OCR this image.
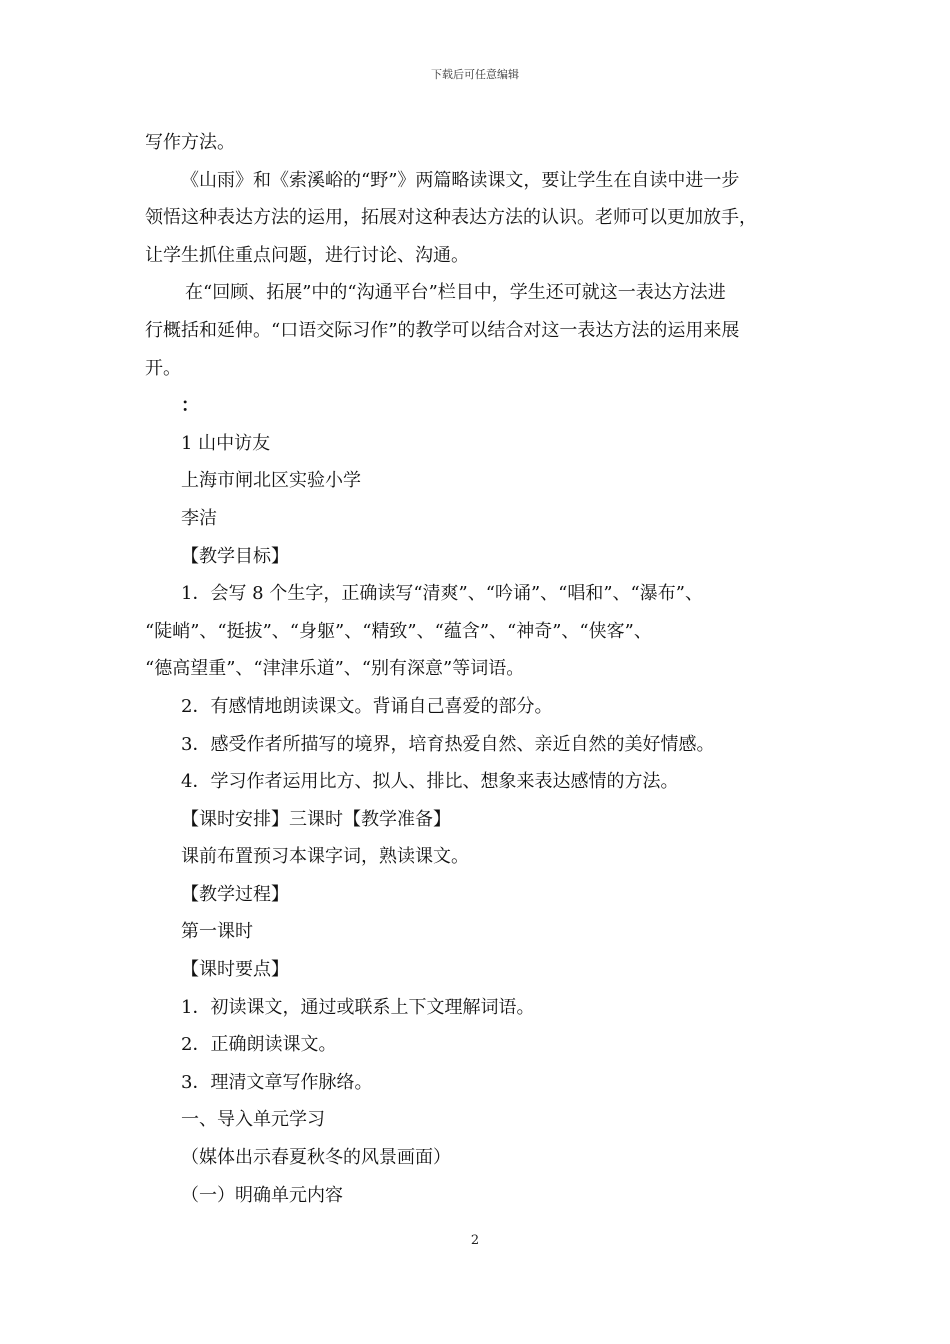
下载后可任意编辑
写作方法。
《山雨》和《索溪峪的“野”》两篇略读课文，要让学生在自读中进一步
领悟这种表达方法的运用，拓展对这种表达方法的认识。老师可以更加放手，
让学生抓住重点问题，进行讨论、沟通。
在“回顾、拓展”中的“沟通平台”栏目中，学生还可就这一表达方法进
行概括和延伸。“口语交际习作”的教学可以结合对这一表达方法的运用来展
开。
：
1 山中访友
上海市闸北区实验小学
李洁
【教学目标】
1．会写 8 个生字，正确读写“清爽”、“吟诵”、“唱和”、“瀑布”、
“陡峭”、“挺拔”、“身躯”、“精致”、“蕴含”、“神奇”、“侠客”、
“德高望重”、“津津乐道”、“别有深意”等词语。
2．有感情地朗读课文。背诵自己喜爱的部分。
3．感受作者所描写的境界，培育热爱自然、亲近自然的美好情感。
4．学习作者运用比方、拟人、排比、想象来表达感情的方法。
【课时安排】三课时【教学准备】
课前布置预习本课字词，熟读课文。
【教学过程】
第一课时
【课时要点】
1．初读课文，通过或联系上下文理解词语。
2．正确朗读课文。
3．理清文章写作脉络。
一、导入单元学习
（媒体出示春夏秋冬的风景画面）
（一）明确单元内容
2
